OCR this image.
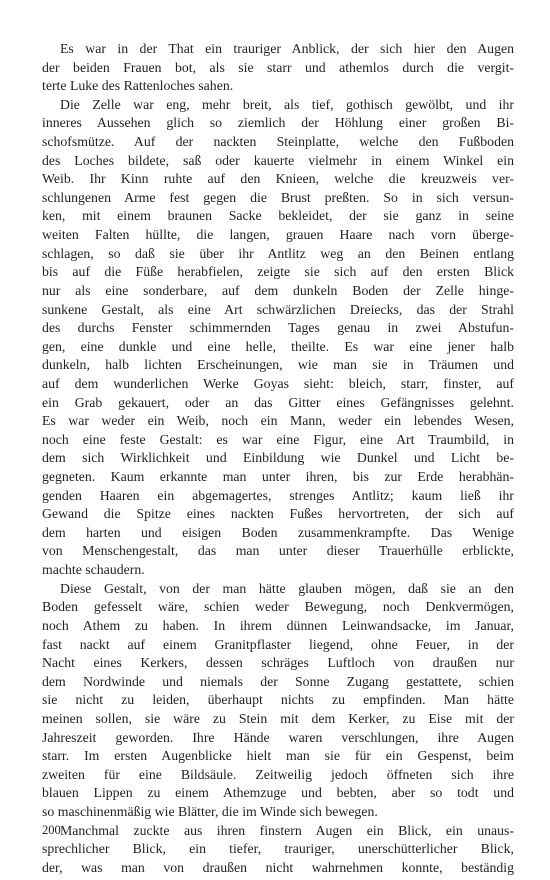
Es war in der That ein trauriger Anblick, der sich hier den Augen
der beiden Frauen bot, als sie starr und athemlos durch die vergit-
terte Luke des Rattenloches sahen.
Die Zelle war eng, mehr breit, als tief, gothisch gewölbt, und ihr
inneres Aussehen glich so ziemlich der Höhlung einer großen Bi-
schofsmütze. Auf der nackten Steinplatte, welche den Fußboden
des Loches bildete, saß oder kauerte vielmehr in einem Winkel ein
Weib. Ihr Kinn ruhte auf den Knieen, welche die kreuzweis ver-
schlungenen Arme fest gegen die Brust preßten. So in sich versun-
ken, mit einem braunen Sacke bekleidet, der sie ganz in seine
weiten Falten hüllte, die langen, grauen Haare nach vorn überge-
schlagen, so daß sie über ihr Antlitz weg an den Beinen entlang
bis auf die Füße herabfielen, zeigte sie sich auf den ersten Blick
nur als eine sonderbare, auf dem dunkeln Boden der Zelle hinge-
sunkene Gestalt, als eine Art schwärzlichen Dreiecks, das der Strahl
des durchs Fenster schimmernden Tages genau in zwei Abstufun-
gen, eine dunkle und eine helle, theilte. Es war eine jener halb
dunkeln, halb lichten Erscheinungen, wie man sie in Träumen und
auf dem wunderlichen Werke Goyas sieht: bleich, starr, finster, auf
ein Grab gekauert, oder an das Gitter eines Gefängnisses gelehnt.
Es war weder ein Weib, noch ein Mann, weder ein lebendes Wesen,
noch eine feste Gestalt: es war eine Figur, eine Art Traumbild, in
dem sich Wirklichkeit und Einbildung wie Dunkel und Licht be-
gegneten. Kaum erkannte man unter ihren, bis zur Erde herabhän-
genden Haaren ein abgemagertes, strenges Antlitz; kaum ließ ihr
Gewand die Spitze eines nackten Fußes hervortreten, der sich auf
dem harten und eisigen Boden zusammenkrampfte. Das Wenige
von Menschengestalt, das man unter dieser Trauerhülle erblickte,
machte schaudern.
Diese Gestalt, von der man hätte glauben mögen, daß sie an den
Boden gefesselt wäre, schien weder Bewegung, noch Denkvermögen,
noch Athem zu haben. In ihrem dünnen Leinwandsacke, im Januar,
fast nackt auf einem Granitpflaster liegend, ohne Feuer, in der
Nacht eines Kerkers, dessen schräges Luftloch von draußen nur
dem Nordwinde und niemals der Sonne Zugang gestattete, schien
sie nicht zu leiden, überhaupt nichts zu empfinden. Man hätte
meinen sollen, sie wäre zu Stein mit dem Kerker, zu Eise mit der
Jahreszeit geworden. Ihre Hände waren verschlungen, ihre Augen
starr. Im ersten Augenblicke hielt man sie für ein Gespenst, beim
zweiten für eine Bildsäule. Zeitweilig jedoch öffneten sich ihre
blauen Lippen zu einem Athemzuge und bebten, aber so todt und
so maschinenmäßig wie Blätter, die im Winde sich bewegen.
Manchmal zuckte aus ihren finstern Augen ein Blick, ein unaus-
sprechlicher Blick, ein tiefer, trauriger, unerschütterlicher Blick,
der, was man von draußen nicht wahrnehmen konnte, beständig
200
